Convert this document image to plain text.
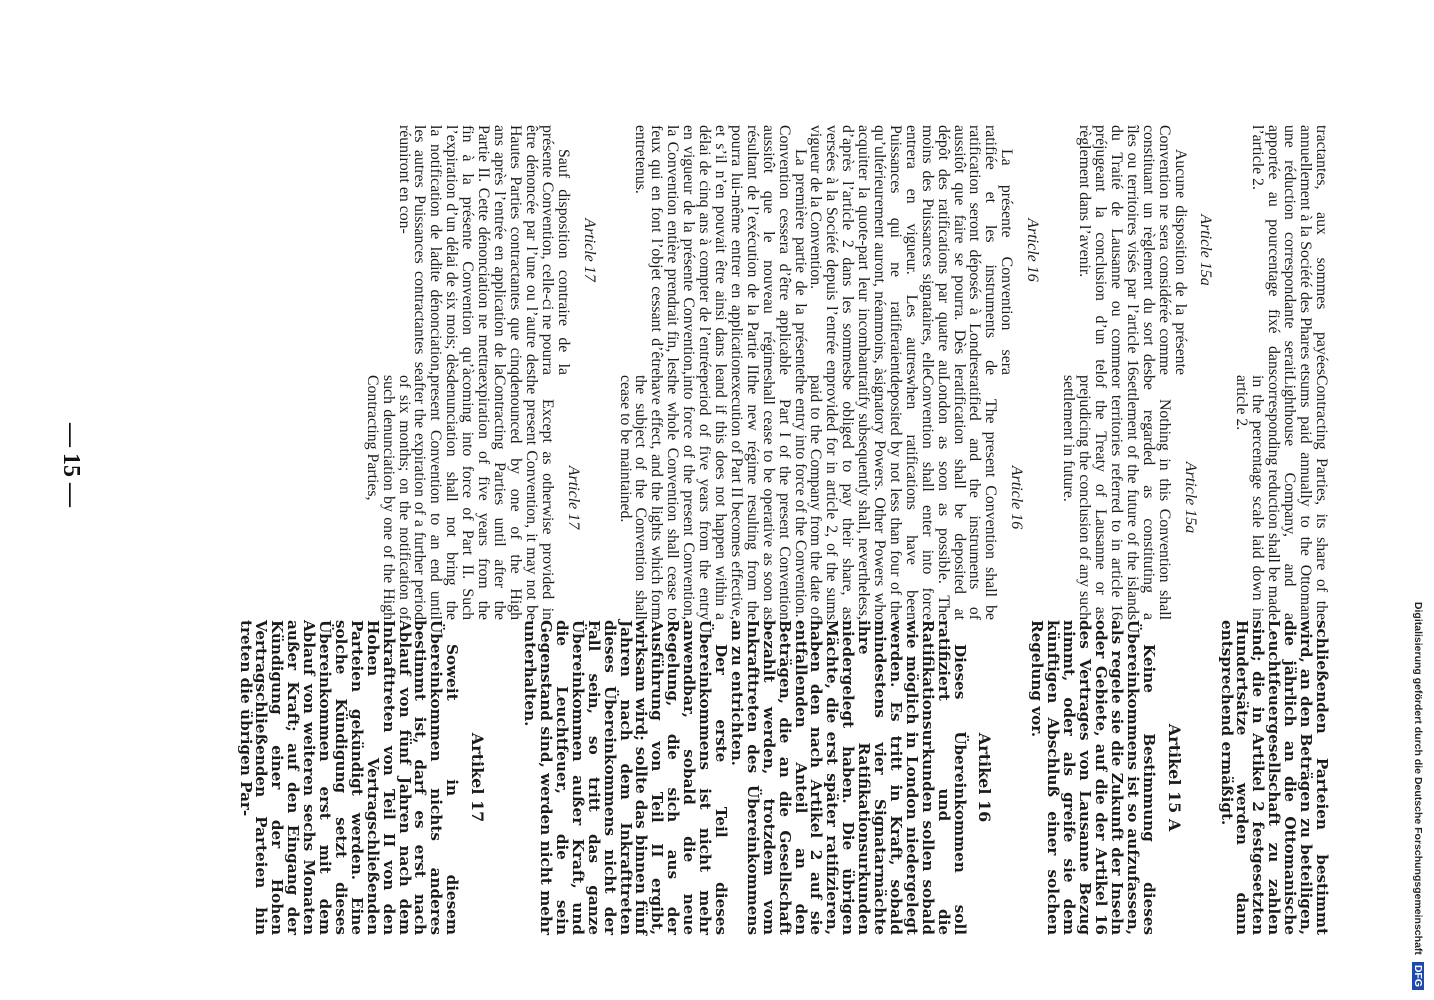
— 15 —

tractantes, aux sommes payées annuellement à la Société des Phares et une réduction correspondante serait apportée au pourcentage fixé dans l’article 2.

Article 15a

Aucune disposition de la présente Convention ne sera considérée comme constituant un règlement du sort des îles ou territoires visés par l’article 16 du Traité de Lausanne ou comme préjugeant la conclusion d’un tel règlement dans l’avenir.

Article 16

La présente Convention sera ratifiée et les instruments de ratification seront déposés à Londres aussitôt que faire se pourra. Dès le dépôt des ratifications par quatre au moins des Puissances signataires, elle entrera en vigueur. Les autres Puissances qui ne ratifieraient qu’ultérieurement auront, néanmoins, à acquitter la quote-part leur incombant d’après l’article 2 dans les sommes versées à la Société depuis l’entrée en vigueur de la Convention.

La première partie de la présente Convention cessera d’être applicable aussitôt que le nouveau régime résultant de l’exécution de la Partie II pourra lui-même entrer en application et s’il n’en pouvait être ainsi dans le délai de cinq ans à compter de l’entrée en vigueur de la présente Convention, la Convention entière prendrait fin, les feux qui en font l’objet cessant d’être entretenus.

Article 17

Sauf disposition contraire de la présente Convention, celle-ci ne pourra être dénoncée par l’une ou l’autre des Hautes Parties contractantes que cinq ans après l’entrée en application de la Partie II. Cette dénonciation ne mettra fin à la présente Convention qu’à l’expiration d’un délai de six mois; dès la notification de ladite dénonciation, les autres Puissances contractantes se réuniront en con-

Contracting Parties, its share of the sums paid annually to the Ottoman Lighthouse Company, and a corresponding reduction shall be made in the percentage scale laid down in article 2.

Article 15a

Nothing in this Convention shall be regarded as constituting a settlement of the future of the islands or territories referred to in article 16 of the Treaty of Lausanne or as prejudicing the conclusion of any such settlement in future.

Article 16

The present Convention shall be ratified and the instruments of ratification shall be deposited at London as soon as possible. The Convention shall enter into force when ratifications have been deposited by not less than four of the signatory Powers. Other Powers who ratify subsequently shall, nevertheless, be obliged to pay their share, as provided for in article 2, of the sums paid to the Company from the date of the entry into force of the Convention.

Part I of the present Convention shall cease to be operative as soon as the new régime resulting from the execution of Part II becomes effective, and if this does not happen within a period of five years from the entry into force of the present Convention, the whole Convention shall cease to have effect, and the lights which form the subject of the Convention shall cease to be maintained.

Article 17

Except as otherwise provided in the present Convention, it may not be denounced by one of the High Contracting Parties until after the expiration of five years from the coming into force of Part II. Such denunciation shall not bring the present Convention to an end until after the expiration of a further period of six months; on the notification of such denunciation by one of the High Contracting Parties,

schließenden Parteien bestimmt wird, an den Beträgen zu beteiligen, die jährlich an die Ottomanische Leuchtfeuergesellschaft zu zahlen sind; die in Artikel 2 festgesetzten Hundertsätze werden dann entsprechend ermäßigt.

Artikel 15 A

Keine Bestimmung dieses Übereinkommens ist so aufzufassen, als regele sie die Zukunft der Inseln oder Gebiete, auf die der Artikel 16 des Vertrages von Lausanne Bezug nimmt, oder als greife sie dem künftigen Abschluß einer solchen Regelung vor.

Artikel 16

Dieses Übereinkommen soll ratifiziert und die Ratifikationsurkunden sollen sobald wie möglich in London niedergelegt werden. Es tritt in Kraft, sobald mindestens vier Signatarmächte ihre Ratifikationsurkunden niedergelegt haben. Die übrigen Mächte, die erst später ratifizieren, haben den nach Artikel 2 auf sie entfallenden Anteil an den Beträgen, die an die Gesellschaft bezahlt werden, trotzdem vom Inkrafttreten des Übereinkommens an zu entrichten.

Der erste Teil dieses Übereinkommens ist nicht mehr anwendbar, sobald die neue Regelung, die sich aus der Ausführung von Teil II ergibt, wirksam wird; sollte das binnen fünf Jahren nach dem Inkrafttreten dieses Übereinkommens nicht der Fall sein, so tritt das ganze Übereinkommen außer Kraft, und die Leuchtfeuer, die sein Gegenstand sind, werden nicht mehr unterhalten.

Artikel 17

Soweit in diesem Übereinkommen nichts anderes bestimmt ist, darf es erst nach Ablauf von fünf Jahren nach dem Inkrafttreten von Teil II von den Hohen Vertragschließenden Parteien gekündigt werden. Eine solche Kündigung setzt dieses Übereinkommen erst mit dem Ablauf von weiteren sechs Monaten außer Kraft; auf den Eingang der Kündigung einer der Hohen Vertragschließenden Parteien hin treten die übrigen Par-	Digitalisierung gefördert durch die Deutsche Forschungsgemeinschaft DFG
